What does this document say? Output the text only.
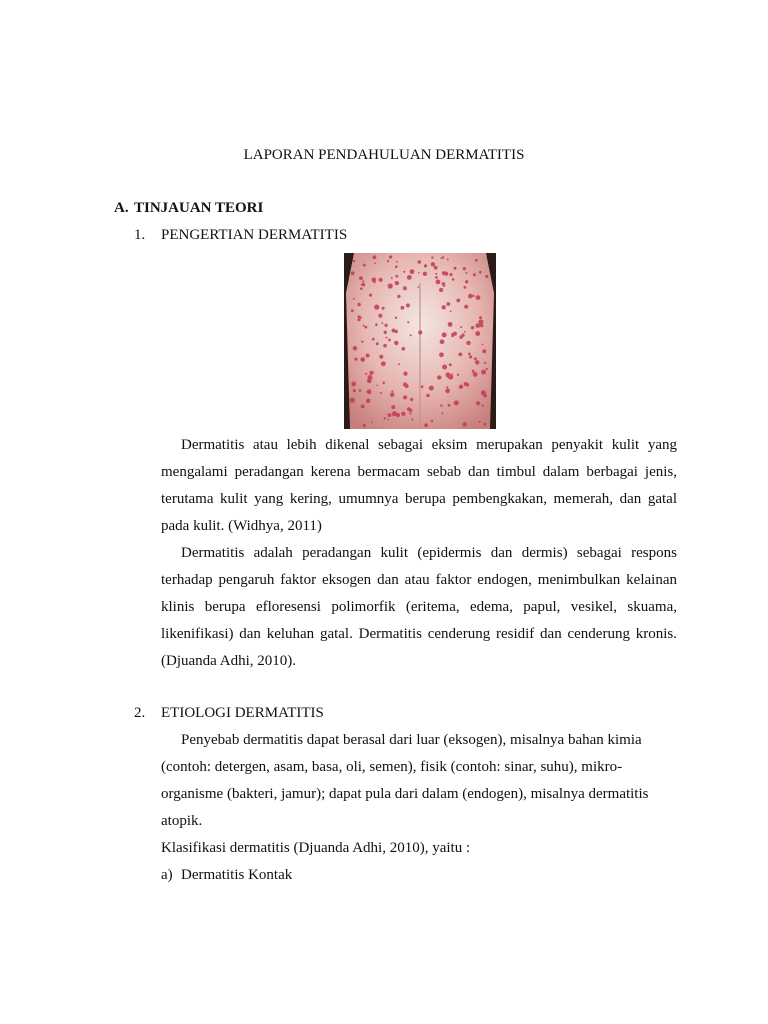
LAPORAN PENDAHULUAN DERMATITIS
A. TINJAUAN TEORI
1. PENGERTIAN DERMATITIS
Dermatitis atau lebih dikenal sebagai eksim merupakan penyakit kulit yang mengalami peradangan kerena bermacam sebab dan timbul dalam berbagai jenis, terutama kulit yang kering, umumnya berupa pembengkakan, memerah, dan gatal pada kulit. (Widhya, 2011)
Dermatitis adalah peradangan kulit (epidermis dan dermis) sebagai respons terhadap pengaruh faktor eksogen dan atau faktor endogen, menimbulkan kelainan klinis berupa efloresensi polimorfik (eritema, edema, papul, vesikel, skuama, likenifikasi) dan keluhan gatal. Dermatitis cenderung residif dan cenderung kronis. (Djuanda Adhi, 2010).
2. ETIOLOGI DERMATITIS
Penyebab dermatitis dapat berasal dari luar (eksogen), misalnya bahan kimia
(contoh: detergen, asam, basa, oli, semen), fisik (contoh: sinar, suhu), mikro-
organisme (bakteri, jamur); dapat pula dari dalam (endogen), misalnya dermatitis
atopik.
Klasifikasi dermatitis (Djuanda Adhi, 2010), yaitu :
a) Dermatitis Kontak
